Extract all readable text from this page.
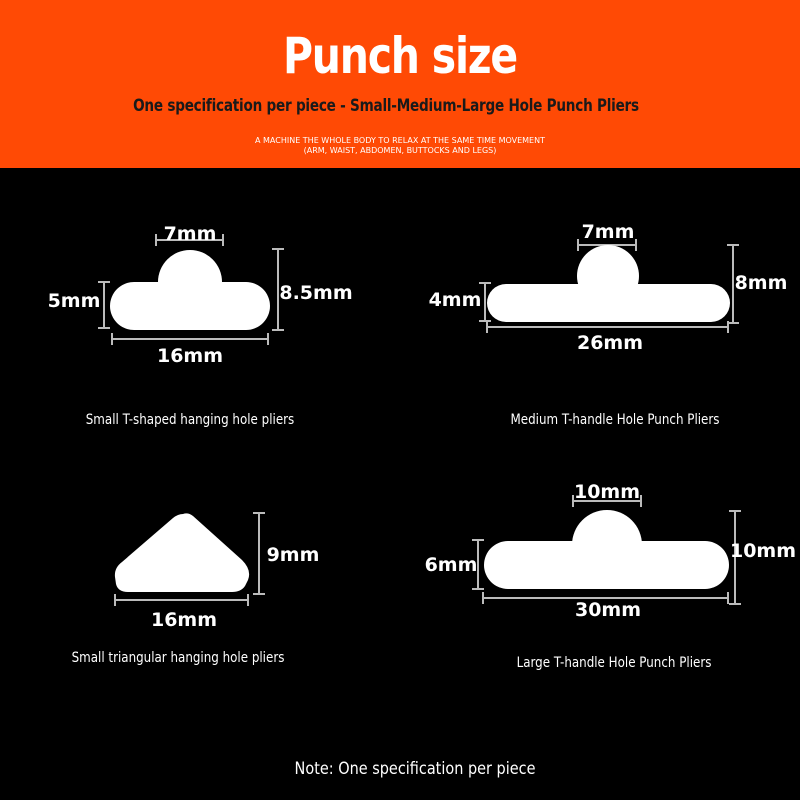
Punch size
One specification per piece - Small-Medium-Large Hole Punch Pliers
A MACHINE THE WHOLE BODY TO RELAX AT THE SAME TIME MOVEMENT
(ARM, WAIST, ABDOMEN, BUTTOCKS AND LEGS)
7mm
5mm	8.5mm
16mm
7mm
4mm
8mm
26mm
9mm
16mm
10mm
6mm
10mm
30mm
Small T-shaped hanging hole pliers	Medium T-handle Hole Punch Pliers
Small triangular hanging hole pliers	Large T-handle Hole Punch Pliers
Note: One specification per piece
